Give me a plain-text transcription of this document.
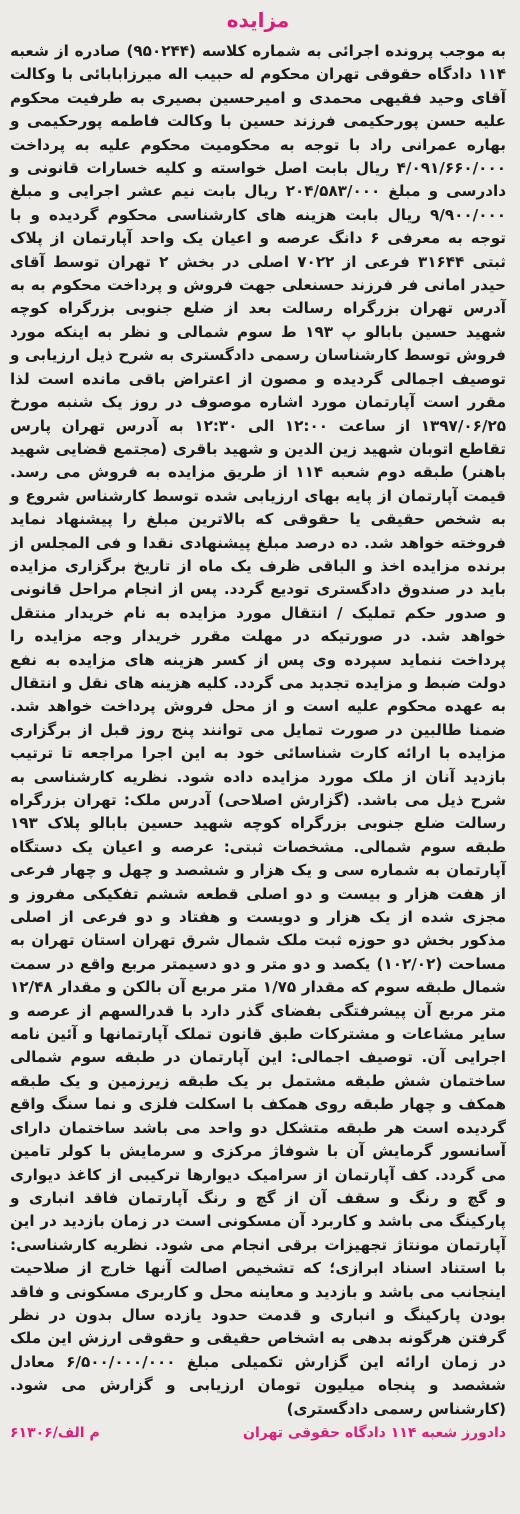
مزایده

به موجب پرونده اجرائی به شماره کلاسه (۹۵۰۲۴۴) صادره از شعبه ۱۱۴ دادگاه حقوقی تهران محکوم له حبیب اله میرزابابائی با وکالت آقای وحید فقیهی محمدی و امیرحسین بصیری به طرفیت محکوم علیه حسن پورحکیمی فرزند حسین با وکالت فاطمه پورحکیمی و بهاره عمرانی راد با توجه به محکومیت محکوم علیه به پرداخت ۴/۰۹۱/۶۶۰/۰۰۰ ریال بابت اصل خواسته و کلیه خسارات قانونی و دادرسی و مبلغ ۲۰۴/۵۸۳/۰۰۰ ریال بابت نیم عشر اجرایی و مبلغ ۹/۹۰۰/۰۰۰ ریال بابت هزینه های کارشناسی محکوم گردیده و با توجه به معرفی ۶ دانگ عرصه و اعیان یک واحد آپارتمان از پلاک ثبتی ۳۱۶۴۴ فرعی از ۷۰۲۲ اصلی در بخش ۲ تهران توسط آقای حیدر امانی فر فرزند حسنعلی جهت فروش و پرداخت محکوم به به آدرس تهران بزرگراه رسالت بعد از ضلع جنوبی بزرگراه کوچه شهید حسین بابالو پ ۱۹۳ ط سوم شمالی و نظر به اینکه مورد فروش توسط کارشناسان رسمی دادگستری به شرح ذیل ارزیابی و توصیف اجمالی گردیده و مصون از اعتراض باقی مانده است لذا مقرر است آپارتمان مورد اشاره موصوف در روز یک شنبه مورخ ۱۳۹۷/۰۶/۲۵ از ساعت ۱۲:۰۰ الی ۱۲:۳۰ به آدرس تهران پارس تقاطع اتوبان شهید زین الدین و شهید باقری (مجتمع قضایی شهید باهنر) طبقه دوم شعبه ۱۱۴ از طریق مزایده به فروش می رسد. قیمت آپارتمان از پایه بهای ارزیابی شده توسط کارشناس شروع و به شخص حقیقی یا حقوقی که بالاترین مبلغ را پیشنهاد نماید فروخته خواهد شد. ده درصد مبلغ پیشنهادی نقدا و فی المجلس از برنده مزایده اخذ و الباقی ظرف یک ماه از تاریخ برگزاری مزایده باید در صندوق دادگستری تودیع گردد. پس از انجام مراحل قانونی و صدور حکم تملیک / انتقال مورد مزایده به نام خریدار منتقل خواهد شد. در صورتیکه در مهلت مقرر خریدار وجه مزایده را پرداخت ننماید سپرده وی پس از کسر هزینه های مزایده به نفع دولت ضبط و مزایده تجدید می گردد. کلیه هزینه های نقل و انتقال به عهده محکوم علیه است و از محل فروش پرداخت خواهد شد. ضمنا طالبین در صورت تمایل می توانند پنج روز قبل از برگزاری مزایده با ارائه کارت شناسائی خود به این اجرا مراجعه تا ترتیب بازدید آنان از ملک مورد مزایده داده شود. نظریه کارشناسی به شرح ذیل می باشد. (گزارش اصلاحی) آدرس ملک: تهران بزرگراه رسالت ضلع جنوبی بزرگراه کوچه شهید حسین بابالو پلاک ۱۹۳ طبقه سوم شمالی. مشخصات ثبتی: عرصه و اعیان یک دستگاه آپارتمان به شماره سی و یک هزار و ششصد و چهل و چهار فرعی از هفت هزار و بیست و دو اصلی قطعه ششم تفکیکی مفروز و مجزی شده از یک هزار و دویست و هفتاد و دو فرعی از اصلی مذکور بخش دو حوزه ثبت ملک شمال شرق تهران استان تهران به مساحت (۱۰۲/۰۲) یکصد و دو متر و دو دسیمتر مربع واقع در سمت شمال طبقه سوم که مقدار ۱/۷۵ متر مربع آن بالکن و مقدار ۱۲/۴۸ متر مربع آن پیشرفتگی بفضای گذر دارد با قدرالسهم از عرصه و سایر مشاعات و مشترکات طبق قانون تملک آپارتمانها و آئین نامه اجرایی آن. توصیف اجمالی: این آپارتمان در طبقه سوم شمالی ساختمان شش طبقه مشتمل بر یک طبقه زیرزمین و یک طبقه همکف و چهار طبقه روی همکف با اسکلت فلزی و نما سنگ واقع گردیده است هر طبقه متشکل دو واحد می باشد ساختمان دارای آسانسور گرمایش آن با شوفاژ مرکزی و سرمایش با کولر تامین می گردد. کف آپارتمان از سرامیک دیوارها ترکیبی از کاغذ دیواری و گچ و رنگ و سقف آن از گچ و رنگ آپارتمان فاقد انباری و پارکینگ می باشد و کاربرد آن مسکونی است در زمان بازدید در این آپارتمان مونتاژ تجهیزات برقی انجام می شود. نظریه کارشناسی: با استناد اسناد ابرازی؛ که تشخیص اصالت آنها خارج از صلاحیت اینجانب می باشد و بازدید و معاینه محل و کاربری مسکونی و فاقد بودن پارکینگ و انباری و قدمت حدود یازده سال بدون در نظر گرفتن هرگونه بدهی به اشخاص حقیقی و حقوقی ارزش این ملک در زمان ارائه این گزارش تکمیلی مبلغ ۶/۵۰۰/۰۰۰/۰۰۰ معادل ششصد و پنجاه میلیون تومان ارزیابی و گزارش می شود. (کارشناس رسمی دادگستری)

دادورز شعبه ۱۱۴ دادگاه حقوقی تهران
۶۱۳۰۶/م الف
